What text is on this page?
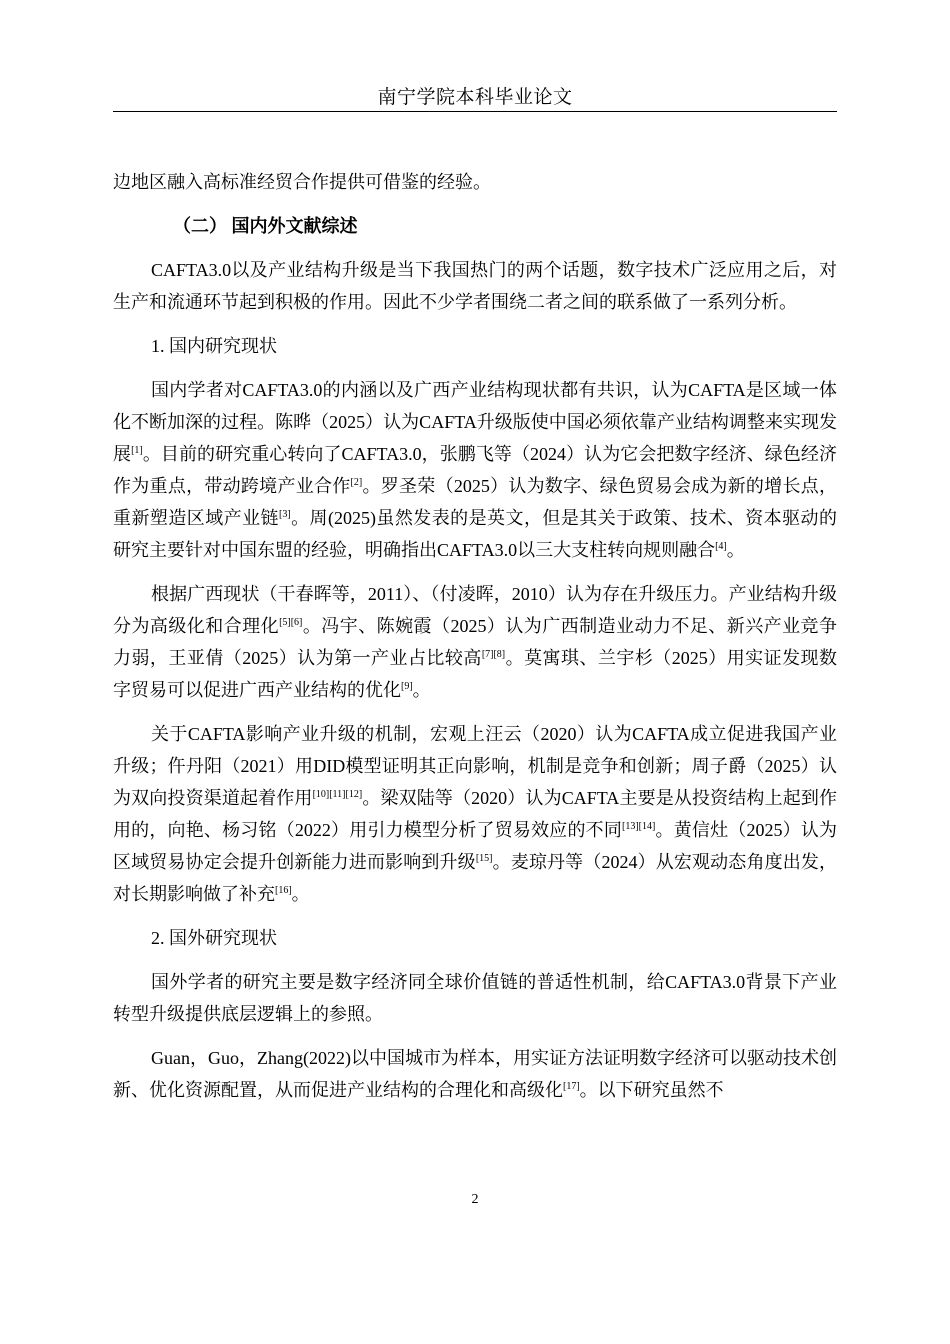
南宁学院本科毕业论文

边地区融入高标准经贸合作提供可借鉴的经验。

（二） 国内外文献综述

CAFTA3.0以及产业结构升级是当下我国热门的两个话题，数字技术广泛应用之后，对生产和流通环节起到积极的作用。因此不少学者围绕二者之间的联系做了一系列分析。

1. 国内研究现状

国内学者对CAFTA3.0的内涵以及广西产业结构现状都有共识，认为CAFTA是区域一体化不断加深的过程。陈晔（2025）认为CAFTA升级版使中国必须依靠产业结构调整来实现发展[1]。目前的研究重心转向了CAFTA3.0，张鹏飞等（2024）认为它会把数字经济、绿色经济作为重点，带动跨境产业合作[2]。罗圣荣（2025）认为数字、绿色贸易会成为新的增长点，重新塑造区域产业链[3]。周(2025)虽然发表的是英文，但是其关于政策、技术、资本驱动的研究主要针对中国东盟的经验，明确指出CAFTA3.0以三大支柱转向规则融合[4]。

根据广西现状（干春晖等，2011）、（付凌晖，2010）认为存在升级压力。产业结构升级分为高级化和合理化[5][6]。冯宇、陈婉霞（2025）认为广西制造业动力不足、新兴产业竞争力弱，王亚倩（2025）认为第一产业占比较高[7][8]。莫寓琪、兰宇杉（2025）用实证发现数字贸易可以促进广西产业结构的优化[9]。

关于CAFTA影响产业升级的机制，宏观上汪云（2020）认为CAFTA成立促进我国产业升级；仵丹阳（2021）用DID模型证明其正向影响，机制是竞争和创新；周子爵（2025）认为双向投资渠道起着作用[10][11][12]。梁双陆等（2020）认为CAFTA主要是从投资结构上起到作用的，向艳、杨习铭（2022）用引力模型分析了贸易效应的不同[13][14]。黄信灶（2025）认为区域贸易协定会提升创新能力进而影响到升级[15]。麦琼丹等（2024）从宏观动态角度出发，对长期影响做了补充[16]。

2. 国外研究现状

国外学者的研究主要是数字经济同全球价值链的普适性机制，给CAFTA3.0背景下产业转型升级提供底层逻辑上的参照。

Guan，Guo，Zhang(2022)以中国城市为样本，用实证方法证明数字经济可以驱动技术创新、优化资源配置，从而促进产业结构的合理化和高级化[17]。以下研究虽然不

2
